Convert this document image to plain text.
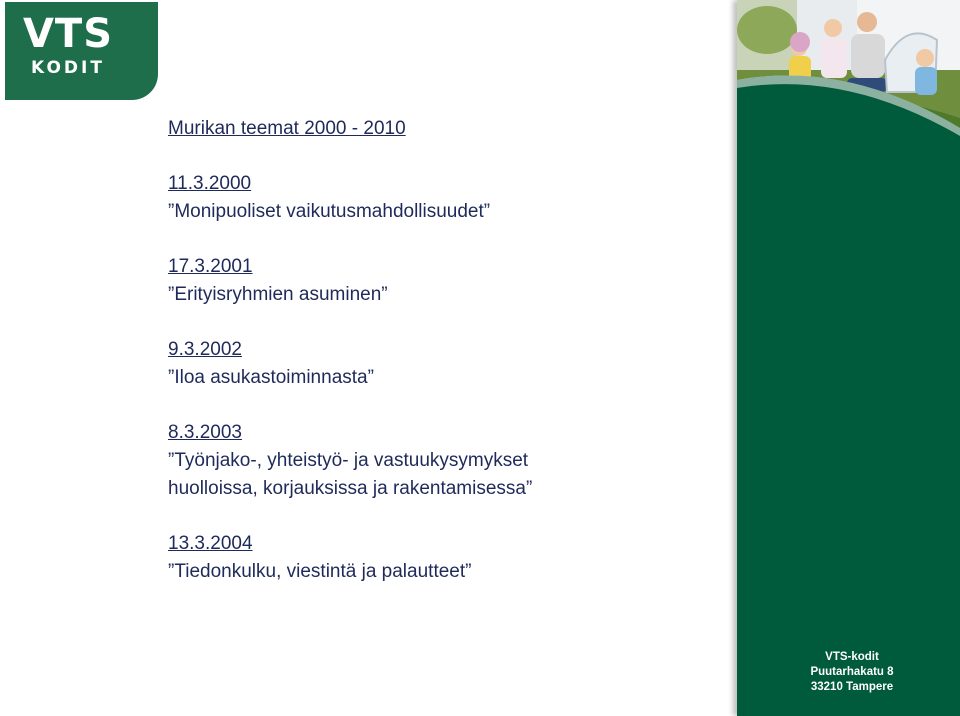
VTS
KODIT
Murikan teemat 2000 - 2010
11.3.2000
”Monipuoliset vaikutusmahdollisuudet”
17.3.2001
”Erityisryhmien asuminen”
9.3.2002
”Iloa asukastoiminnasta”
8.3.2003
”Työnjako-, yhteistyö- ja vastuukysymykset
huolloissa, korjauksissa ja rakentamisessa”
13.3.2004
”Tiedonkulku, viestintä ja palautteet”
VTS-kodit
Puutarhakatu 8
33210 Tampere
